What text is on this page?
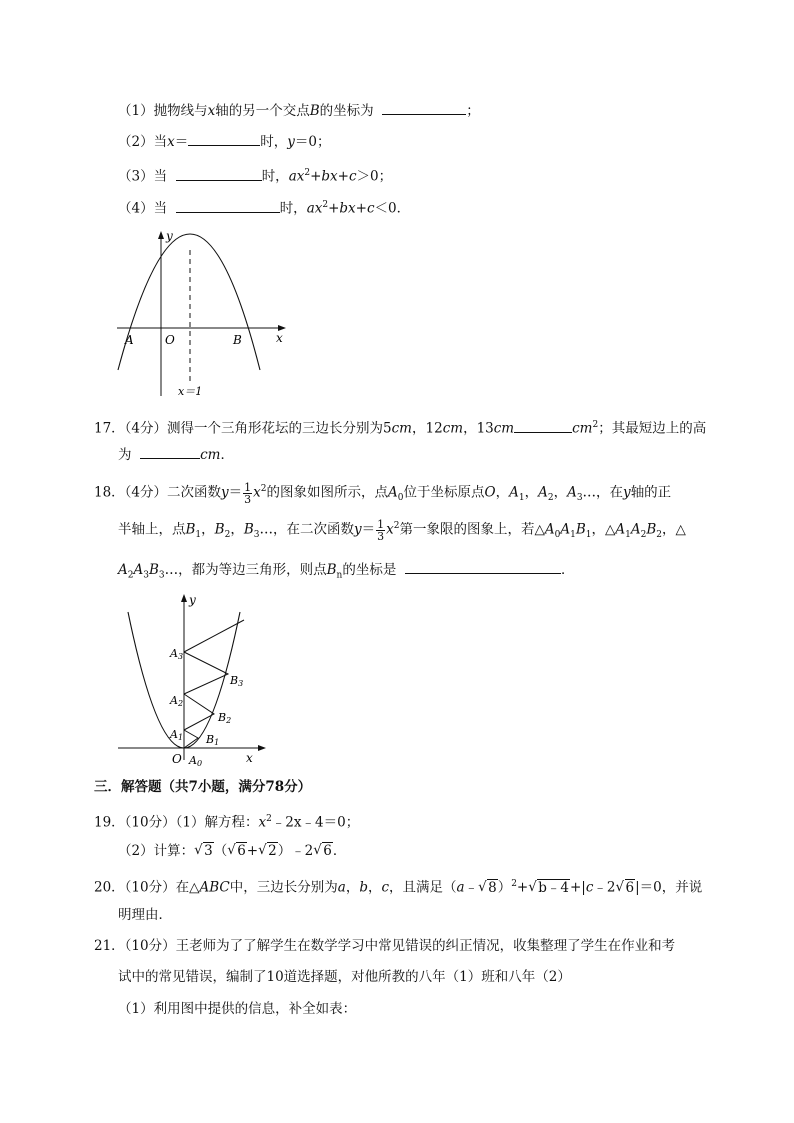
（1）抛物线与x轴的另一个交点B的坐标为	；
（2）当x＝	时，y＝0；
（3）当	时，$ax^2+bx+c>0$；
（4）当	时，$ax^2+bx+c<0$．
y
x
O
A	B
x＝1
17．（4分）测得一个三角形花坛的三边长分别为5cm，12cm，13cm	$cm^2$；其最短边上的高
为	cm．
18．（4分）二次函数$y= \frac{1}{3} x^2$的图象如图所示，点$A_0$位于坐标原点O，$A_1$，$A_2$，$A_3\dots$，在y轴的正
半轴上，点$B_1$，$B_2$，$B_3\dots$，在二次函数$y= \frac{1}{3} x^2$第一象限的图象上，若$\triangle A_0A_1B_1$，$\triangle A_1A_2B_2$，△
$A_2A_3B_3\dots$，都为等边三角形，则点$B_n$的坐标是	．
y
x
O A0
A1
A2
A3
B1
B2
B3
三．解答题（共7小题，满分78分）
19．（10分）（1）解方程：$x^2﹣2x﹣4=0$；
（2）计算： √ 3（ √ 6+ √ 2）﹣2 √ 6．
20．（10分）在△ABC中，三边长分别为a，b，c，且满足（a﹣ √ 8）$^2$+ √ b﹣4+|c﹣2 √ 6|＝0，并说
明理由．
21．（10分）王老师为了了解学生在数学学习中常见错误的纠正情况，收集整理了学生在作业和考
试中的常见错误，编制了10道选择题，对他所教的八年（1）班和八年（2）
（1）利用图中提供的信息，补全如表：
